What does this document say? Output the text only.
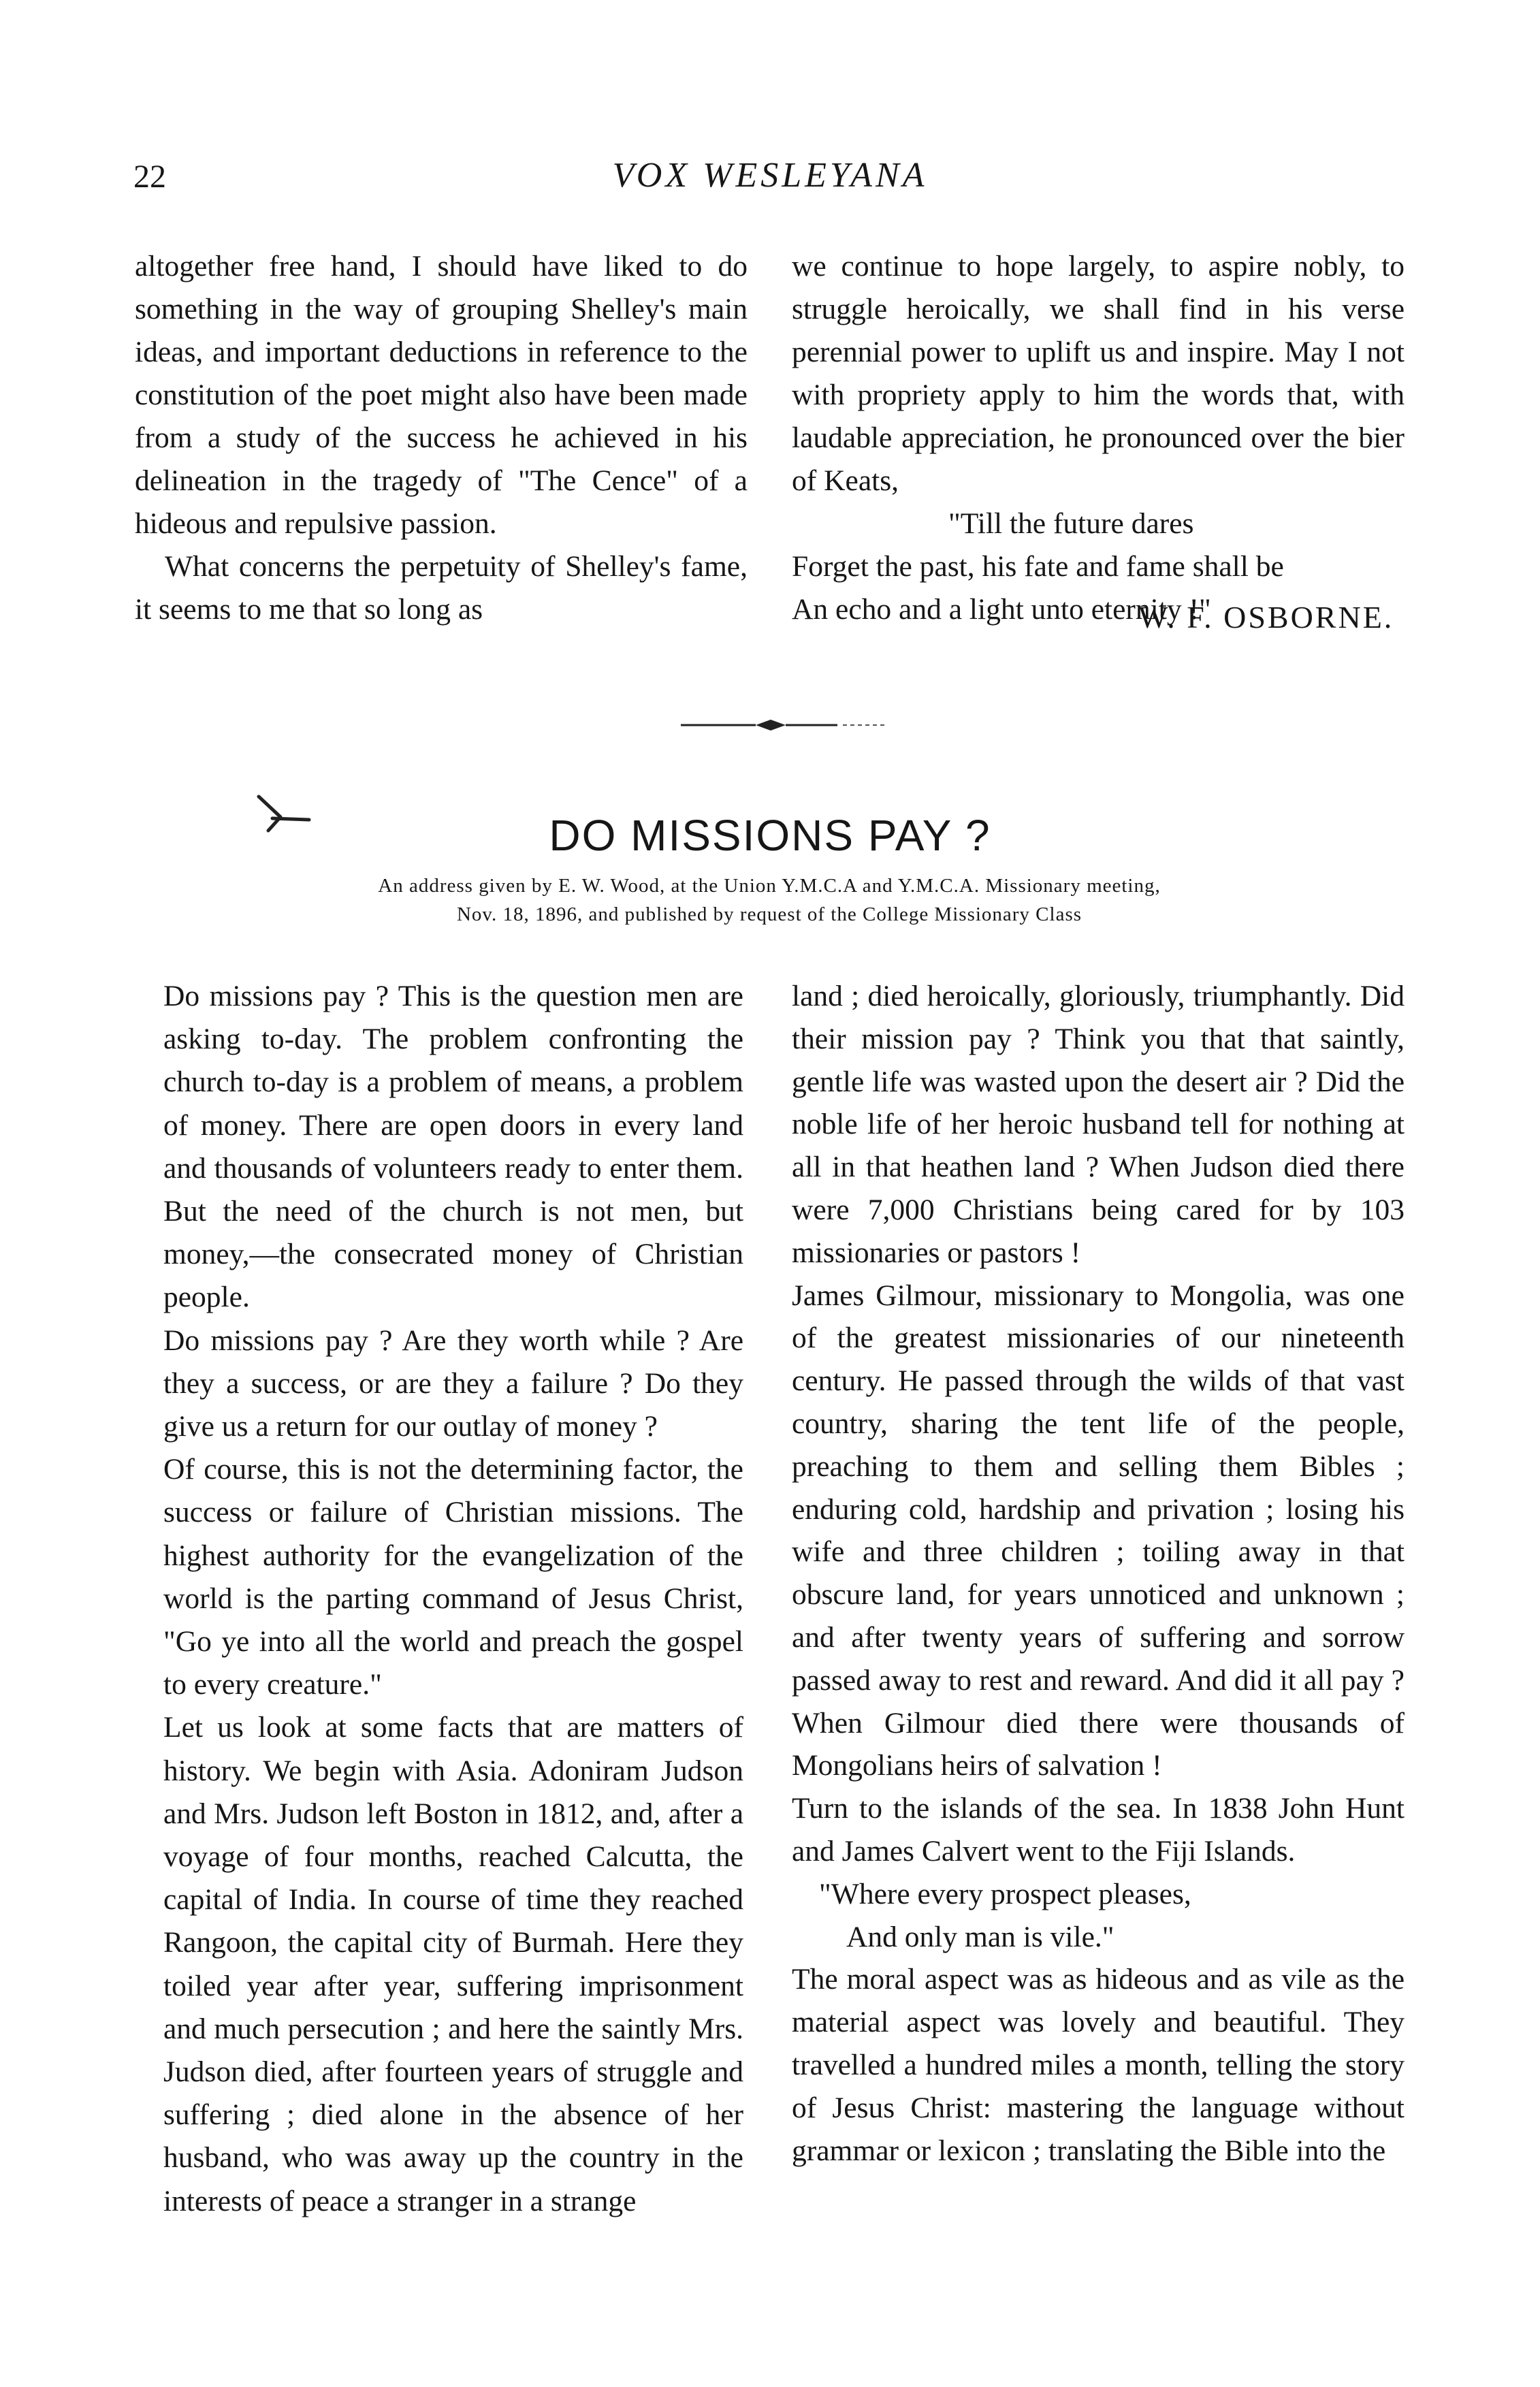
22	VOX WESLEYANA

altogether free hand, I should have liked to do something in the way of grouping Shelley's main ideas, and important deductions in reference to the constitution of the poet might also have been made from a study of the success he achieved in his delineation in the tragedy of "The Cence" of a hideous and repulsive passion.

What concerns the perpetuity of Shelley's fame, it seems to me that so long as

we continue to hope largely, to aspire nobly, to struggle heroically, we shall find in his verse perennial power to uplift us and inspire. May I not with propriety apply to him the words that, with laudable appreciation, he pronounced over the bier of Keats,

"Till the future dares

Forget the past, his fate and fame shall be

An echo and a light unto eternity !"

W. F. OSBORNE.
DO MISSIONS PAY ?
An address given by E. W. Wood, at the Union Y.M.C.A and Y.M.C.A. Missionary meeting,
Nov. 18, 1896, and published by request of the College Missionary Class

Do missions pay ? This is the question men are asking to-day. The problem confronting the church to-day is a problem of means, a problem of money. There are open doors in every land and thousands of volunteers ready to enter them. But the need of the church is not men, but money,—the consecrated money of Christian people.

Do missions pay ? Are they worth while ? Are they a success, or are they a failure ? Do they give us a return for our outlay of money ?

Of course, this is not the determining factor, the success or failure of Christian missions. The highest authority for the evangelization of the world is the parting command of Jesus Christ, "Go ye into all the world and preach the gospel to every creature."

Let us look at some facts that are matters of history. We begin with Asia. Adoniram Judson and Mrs. Judson left Boston in 1812, and, after a voyage of four months, reached Calcutta, the capital of India. In course of time they reached Rangoon, the capital city of Burmah. Here they toiled year after year, suffering imprisonment and much persecution ; and here the saintly Mrs. Judson died, after fourteen years of struggle and suffering ; died alone in the absence of her husband, who was away up the country in the interests of peace a stranger in a strange

land ; died heroically, gloriously, triumphantly. Did their mission pay ? Think you that that saintly, gentle life was wasted upon the desert air ? Did the noble life of her heroic husband tell for nothing at all in that heathen land ? When Judson died there were 7,000 Christians being cared for by 103 missionaries or pastors !

James Gilmour, missionary to Mongolia, was one of the greatest missionaries of our nineteenth century. He passed through the wilds of that vast country, sharing the tent life of the people, preaching to them and selling them Bibles ; enduring cold, hardship and privation ; losing his wife and three children ; toiling away in that obscure land, for years unnoticed and unknown ; and after twenty years of suffering and sorrow passed away to rest and reward. And did it all pay ? When Gilmour died there were thousands of Mongolians heirs of salvation !

Turn to the islands of the sea. In 1838 John Hunt and James Calvert went to the Fiji Islands.

"Where every prospect pleases,

And only man is vile."

The moral aspect was as hideous and as vile as the material aspect was lovely and beautiful. They travelled a hundred miles a month, telling the story of Jesus Christ: mastering the language without grammar or lexicon ; translating the Bible into the
